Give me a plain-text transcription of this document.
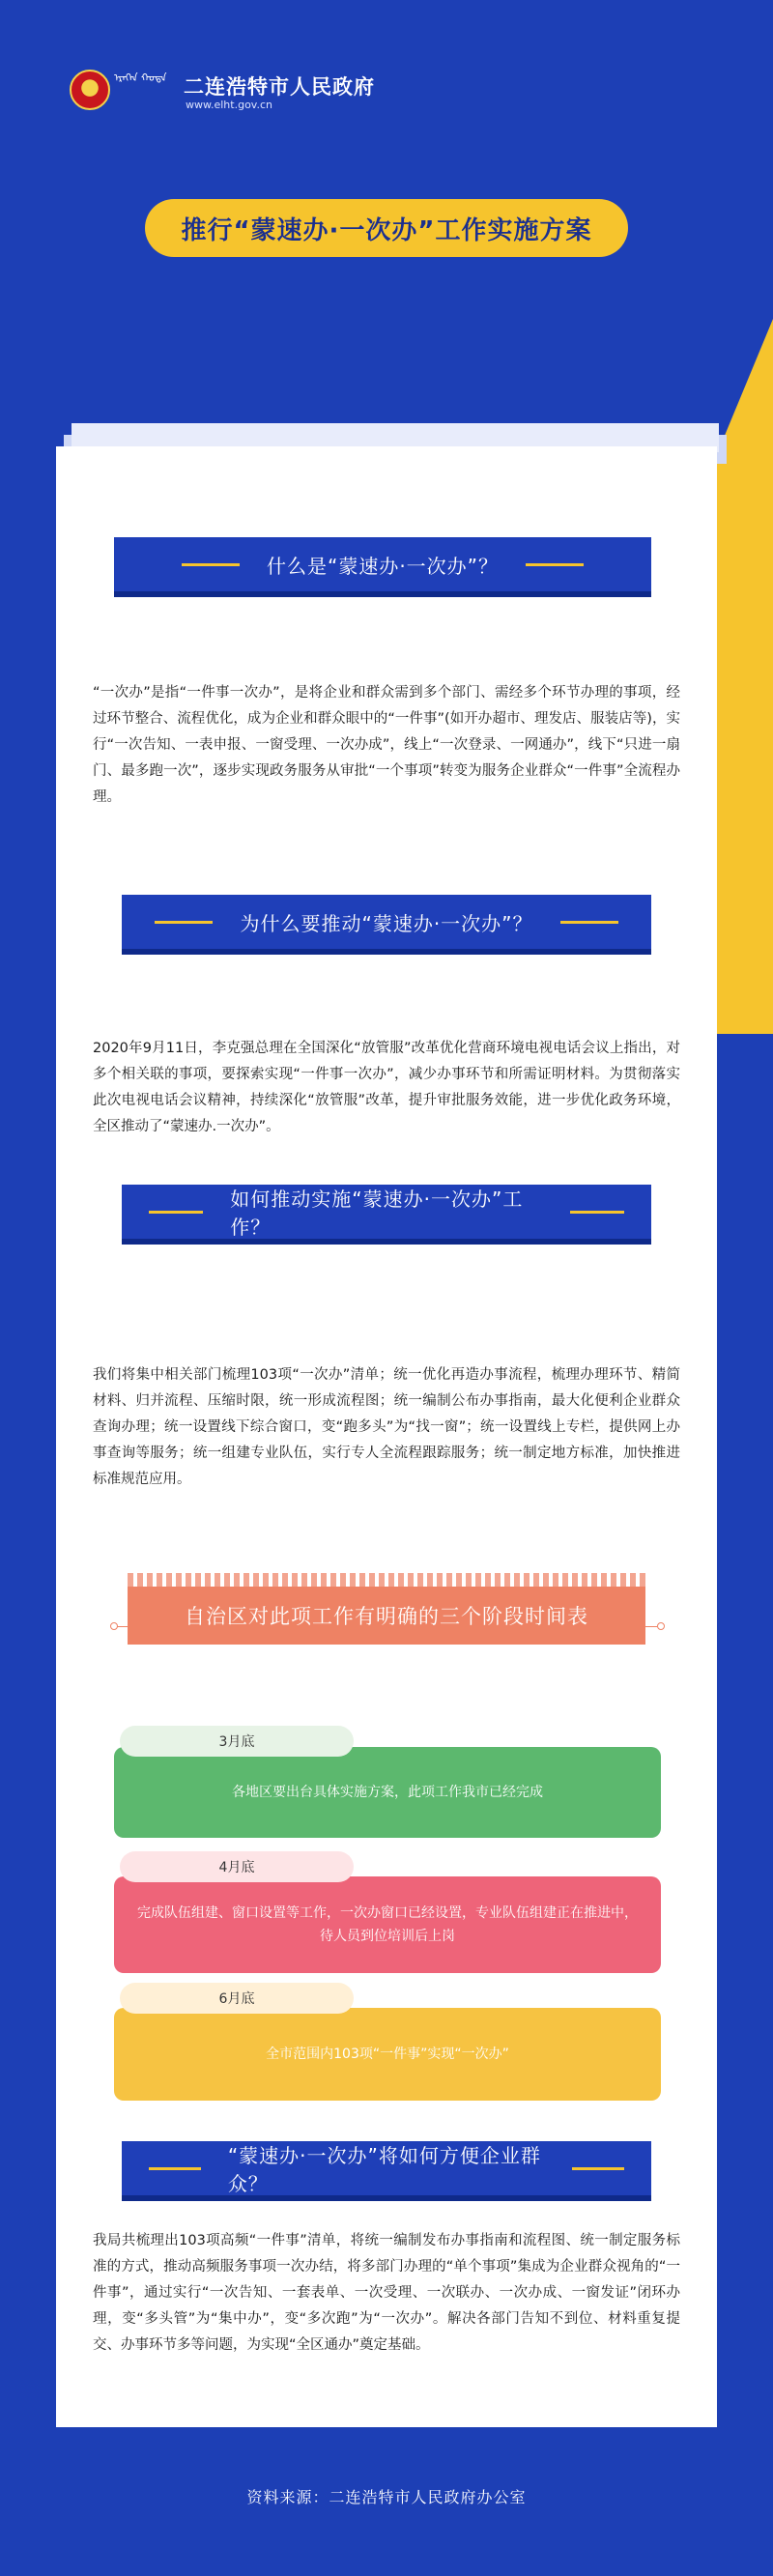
ᠡᠷᠡᠭᠡᠨ ᠬᠣᠲᠠ 二连浩特市人民政府
www.elht.gov.cn
推行“蒙速办·一次办”工作实施方案
什么是“蒙速办·一次办”？
“一次办”是指“一件事一次办”，是将企业和群众需到多个部门、需经多个环节办理的事项，经过环节整合、流程优化，成为企业和群众眼中的“一件事”(如开办超市、理发店、服装店等)，实行“一次告知、一表申报、一窗受理、一次办成”，线上“一次登录、一网通办”，线下“只进一扇门、最多跑一次”，逐步实现政务服务从审批“一个事项”转变为服务企业群众“一件事”全流程办理。
为什么要推动“蒙速办·一次办”？
2020年9月11日，李克强总理在全国深化“放管服”改革优化营商环境电视电话会议上指出，对多个相关联的事项，要探索实现“一件事一次办”，减少办事环节和所需证明材料。为贯彻落实此次电视电话会议精神，持续深化“放管服”改革，提升审批服务效能，进一步优化政务环境，全区推动了“蒙速办.一次办”。
如何推动实施“蒙速办·一次办”工作？
我们将集中相关部门梳理103项“一次办”清单；统一优化再造办事流程，梳理办理环节、精简材料、归并流程、压缩时限，统一形成流程图；统一编制公布办事指南，最大化便利企业群众查询办理；统一设置线下综合窗口，变“跑多头”为“找一窗”；统一设置线上专栏，提供网上办事查询等服务；统一组建专业队伍，实行专人全流程跟踪服务；统一制定地方标准，加快推进标准规范应用。
自治区对此项工作有明确的三个阶段时间表
各地区要出台具体实施方案，此项工作我市已经完成
3月底
完成队伍组建、窗口设置等工作，一次办窗口已经设置，专业队伍组建正在推进中，待人员到位培训后上岗
4月底
全市范围内103项“一件事”实现“一次办”
6月底
“蒙速办·一次办”将如何方便企业群众？
我局共梳理出103项高频“一件事”清单，将统一编制发布办事指南和流程图、统一制定服务标准的方式，推动高频服务事项一次办结，将多部门办理的“单个事项”集成为企业群众视角的“一件事”，通过实行“一次告知、一套表单、一次受理、一次联办、一次办成、一窗发证”闭环办理，变“多头管”为“集中办”，变“多次跑”为“一次办”。解决各部门告知不到位、材料重复提交、办事环节多等问题，为实现“全区通办”奠定基础。
资料来源：二连浩特市人民政府办公室
